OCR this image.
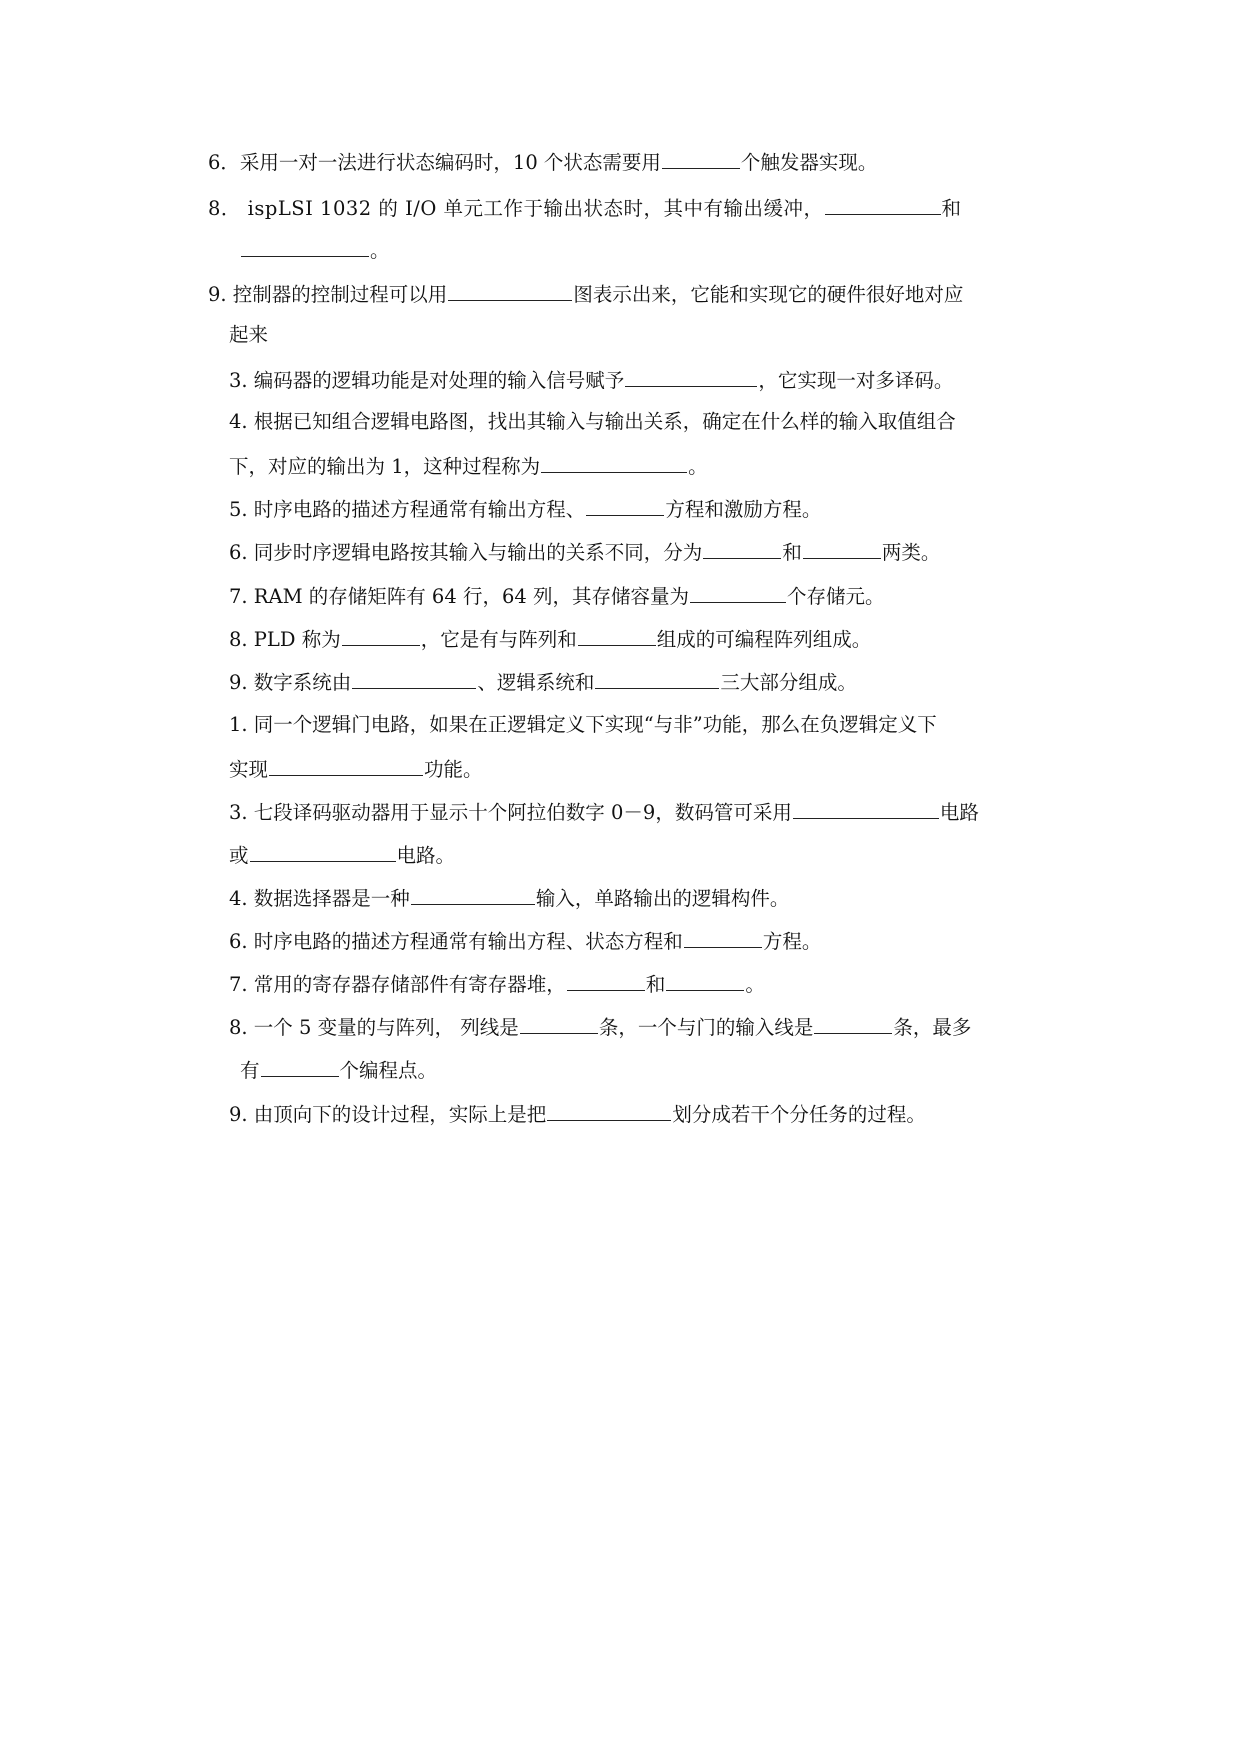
6．采用一对一法进行状态编码时，10 个状态需要用	个触发器实现。
8． ispLSI 1032 的 I/O 单元工作于输出状态时，其中有输出缓冲，	和
。
9. 控制器的控制过程可以用	图表示出来，它能和实现它的硬件很好地对应
起来
3. 编码器的逻辑功能是对处理的输入信号赋予	，它实现一对多译码。
4. 根据已知组合逻辑电路图，找出其输入与输出关系，确定在什么样的输入取值组合
下，对应的输出为 1，这种过程称为	。
5. 时序电路的描述方程通常有输出方程、	方程和激励方程。
6. 同步时序逻辑电路按其输入与输出的关系不同，分为	和	两类。
7. RAM 的存储矩阵有 64 行，64 列，其存储容量为	个存储元。
8. PLD 称为	，它是有与阵列和	组成的可编程阵列组成。
9. 数字系统由	、逻辑系统和	三大部分组成。
1. 同一个逻辑门电路，如果在正逻辑定义下实现“与非”功能，那么在负逻辑定义下
实现	功能。
3. 七段译码驱动器用于显示十个阿拉伯数字 0－9，数码管可采用	电路
或	电路。
4. 数据选择器是一种	输入，单路输出的逻辑构件。
6. 时序电路的描述方程通常有输出方程、状态方程和	方程。
7. 常用的寄存器存储部件有寄存器堆，	和	。
8. 一个 5 变量的与阵列， 列线是	条，一个与门的输入线是	条，最多
有	个编程点。
9. 由顶向下的设计过程，实际上是把	划分成若干个分任务的过程。
